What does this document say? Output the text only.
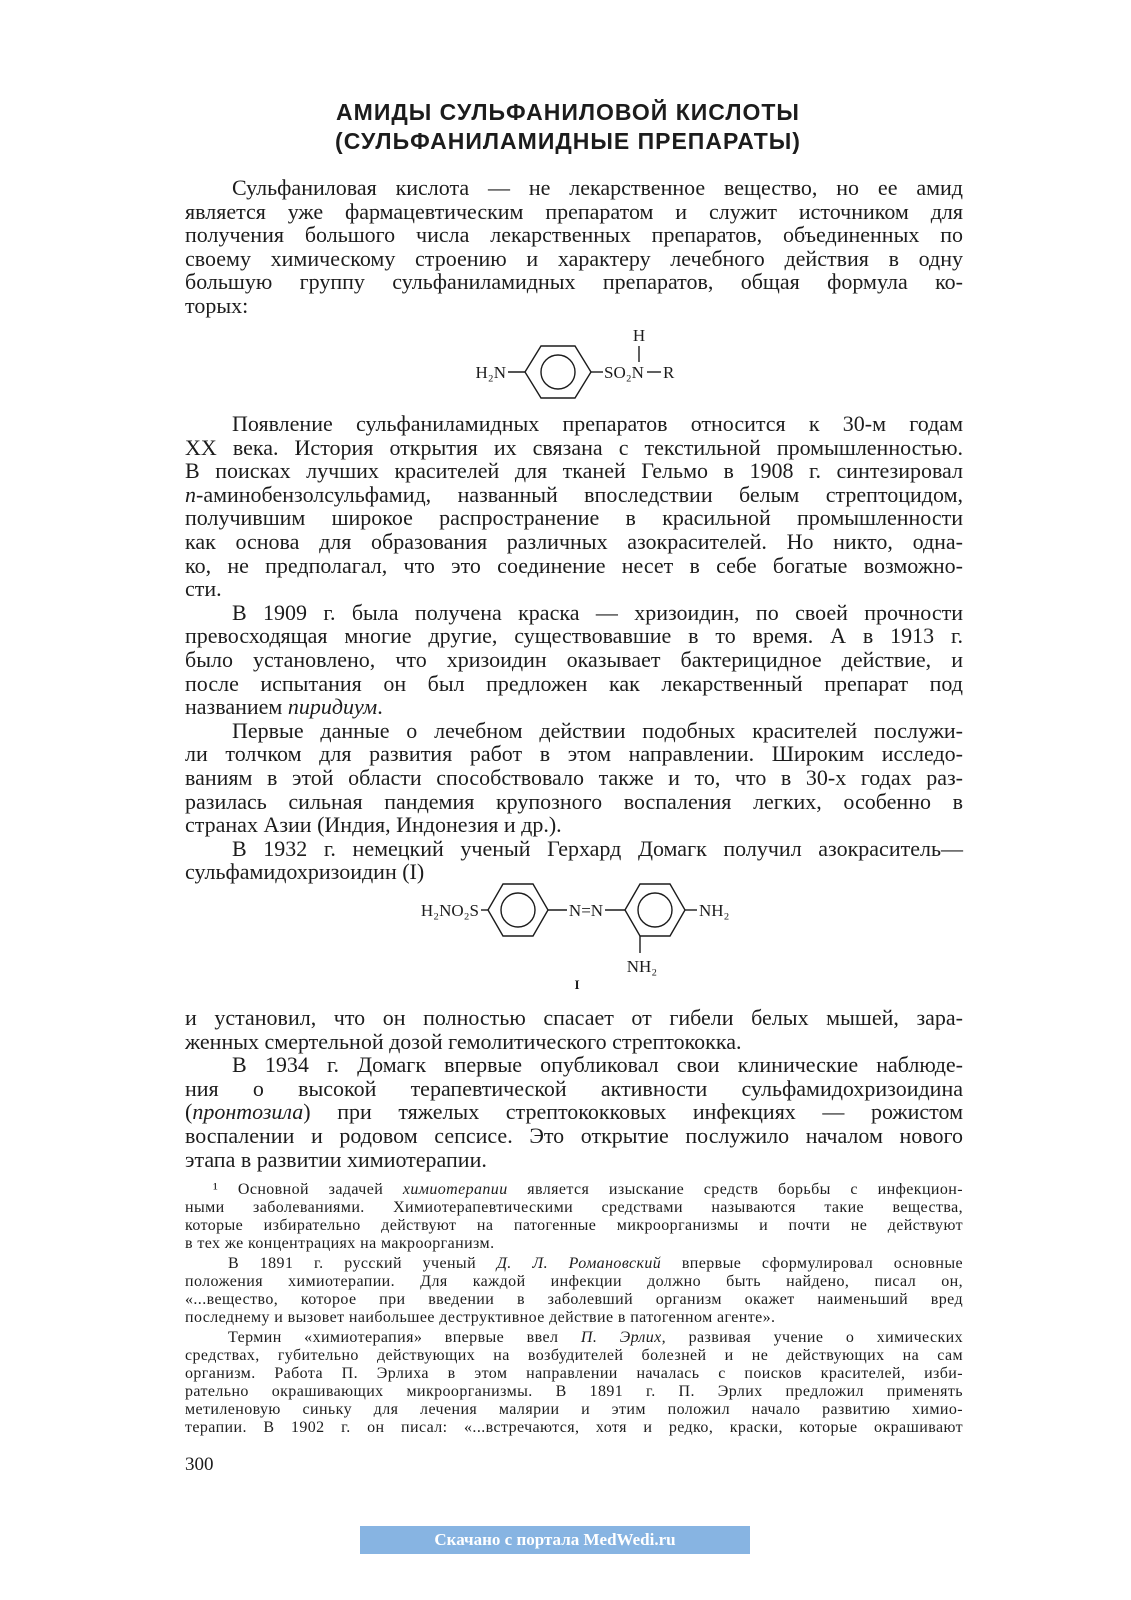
АМИДЫ СУЛЬФАНИЛОВОЙ КИСЛОТЫ
(СУЛЬФАНИЛАМИДНЫЕ ПРЕПАРАТЫ)
Сульфаниловая кислота — не лекарственное вещество, но ее амид
является уже фармацевтическим препаратом и служит источником для
получения большого числа лекарственных препаратов, объединенных по
своему химическому строению и характеру лечебного действия в одну
большую группу сульфаниламидных препаратов, общая формула ко-
торых:
H
H₂N	SO₂N R
Появление сульфаниламидных препаратов относится к 30-м годам
XX века. История открытия их связана с текстильной промышленностью.
В поисках лучших красителей для тканей Гельмо в 1908 г. синтезировал
п-аминобензолсульфамид, названный впоследствии белым стрептоцидом,
получившим широкое распространение в красильной промышленности
как основа для образования различных азокрасителей. Но никто, одна-
ко, не предполагал, что это соединение несет в себе богатые возможно-
сти.
В 1909 г. была получена краска — хризоидин, по своей прочности
превосходящая многие другие, существовавшие в то время. А в 1913 г.
было установлено, что хризоидин оказывает бактерицидное действие, и
после испытания он был предложен как лекарственный препарат под
названием пиридиум.
Первые данные о лечебном действии подобных красителей послужи-
ли толчком для развития работ в этом направлении. Широким исследо-
ваниям в этой области способствовало также и то, что в 30-х годах раз-
разилась сильная пандемия крупозного воспаления легких, особенно в
странах Азии (Индия, Индонезия и др.).
В 1932 г. немецкий ученый Герхард Домагк получил азокраситель—
сульфамидохризоидин (I)
H₂NO₂S	N=N	NH₂
NH₂
I
и установил, что он полностью спасает от гибели белых мышей, зара-
женных смертельной дозой гемолитического стрептококка.
В 1934 г. Домагк впервые опубликовал свои клинические наблюде-
ния о высокой терапевтической активности сульфамидохризоидина
(пронтозила) при тяжелых стрептококковых инфекциях — рожистом
воспалении и родовом сепсисе. Это открытие послужило началом нового
этапа в развитии химиотерапии.
¹ Основной задачей химиотерапии является изыскание средств борьбы с инфекцион-
ными заболеваниями. Химиотерапевтическими средствами называются такие вещества,
которые избирательно действуют на патогенные микроорганизмы и почти не действуют
в тех же концентрациях на макроорганизм.
В 1891 г. русский ученый Д. Л. Романовский впервые сформулировал основные
положения химиотерапии. Для каждой инфекции должно быть найдено, писал он,
«...вещество, которое при введении в заболевший организм окажет наименьший вред
последнему и вызовет наибольшее деструктивное действие в патогенном агенте».
Термин «химиотерапия» впервые ввел П. Эрлих, развивая учение о химических
средствах, губительно действующих на возбудителей болезней и не действующих на сам
организм. Работа П. Эрлиха в этом направлении началась с поисков красителей, изби-
рательно окрашивающих микроорганизмы. В 1891 г. П. Эрлих предложил применять
метиленовую синьку для лечения малярии и этим положил начало развитию химио-
терапии. В 1902 г. он писал: «...встречаются, хотя и редко, краски, которые окрашивают
300
Скачано с портала MedWedi.ru
